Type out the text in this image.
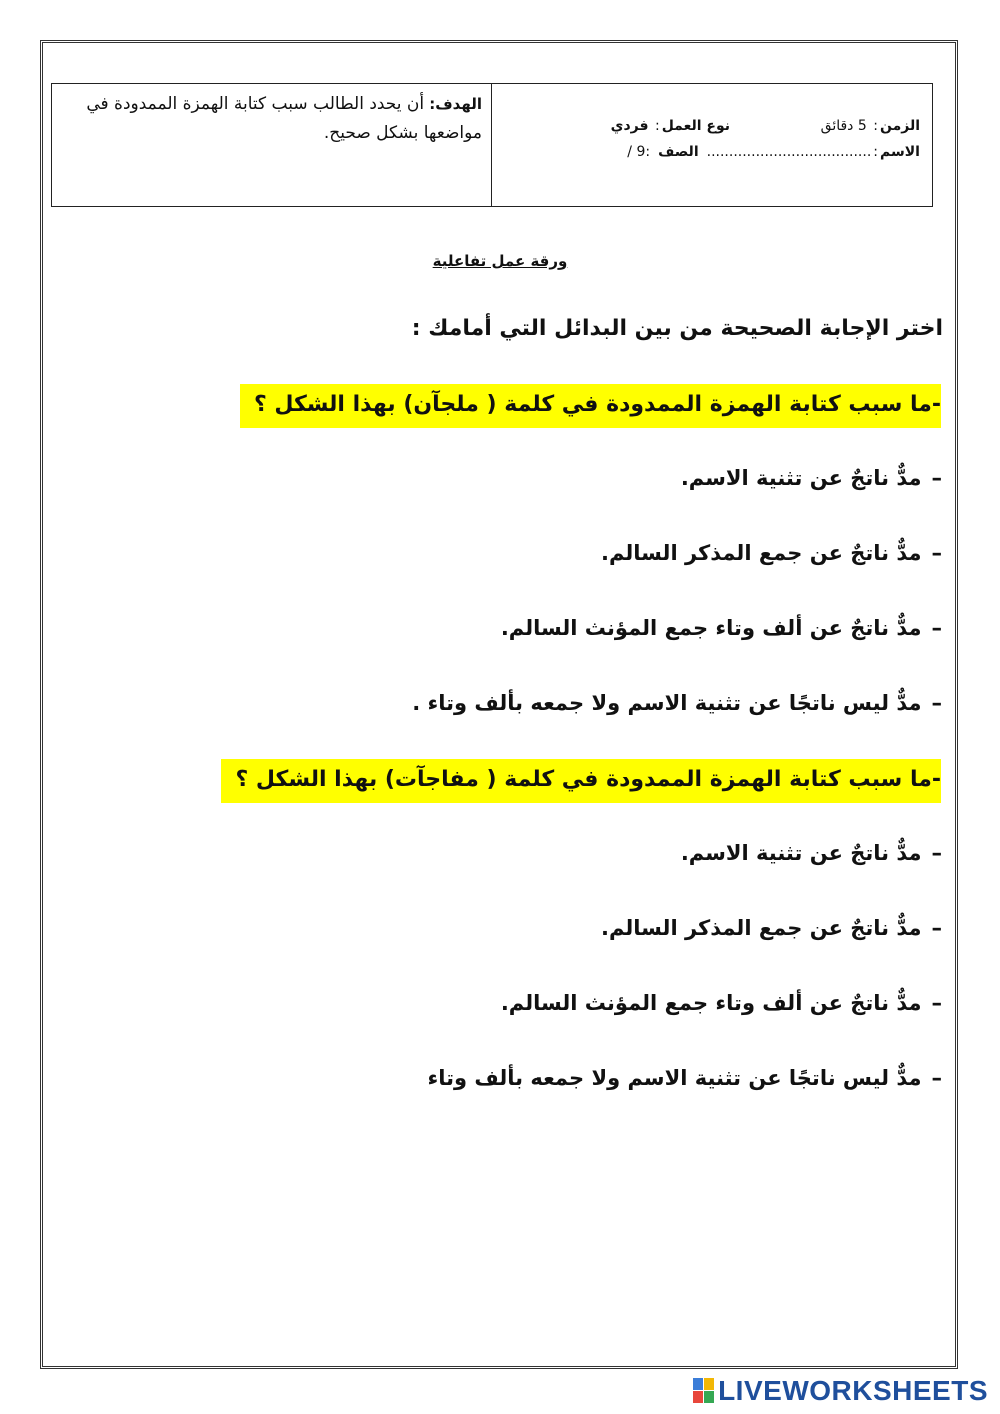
الزمن: 5 دقائق
نوع العمل: فردي
الاسم
:
.....................................
الصف
:9 /
الهدف: أن يحدد الطالب سبب كتابة الهمزة الممدودة في مواضعها بشكل صحيح.
ورقة عمل تفاعلية
اختر الإجابة الصحيحة من بين البدائل التي أمامك :
-ما سبب كتابة الهمزة الممدودة في كلمة ( ملجآن) بهذا الشكل ؟
–مدٌّ ناتجٌ عن تثنية الاسم.
–مدٌّ ناتجٌ عن جمع المذكر السالم.
–مدٌّ ناتجٌ عن ألف وتاء جمع المؤنث السالم.
–مدٌّ ليس ناتجًا عن تثنية الاسم ولا جمعه بألف وتاء .
-ما سبب كتابة الهمزة الممدودة في كلمة ( مفاجآت) بهذا الشكل ؟
–مدٌّ ناتجٌ عن تثنية الاسم.
–مدٌّ ناتجٌ عن جمع المذكر السالم.
–مدٌّ ناتجٌ عن ألف وتاء جمع المؤنث السالم.
–مدٌّ ليس ناتجًا عن تثنية الاسم ولا جمعه بألف وتاء
LIVEWORKSHEETS
